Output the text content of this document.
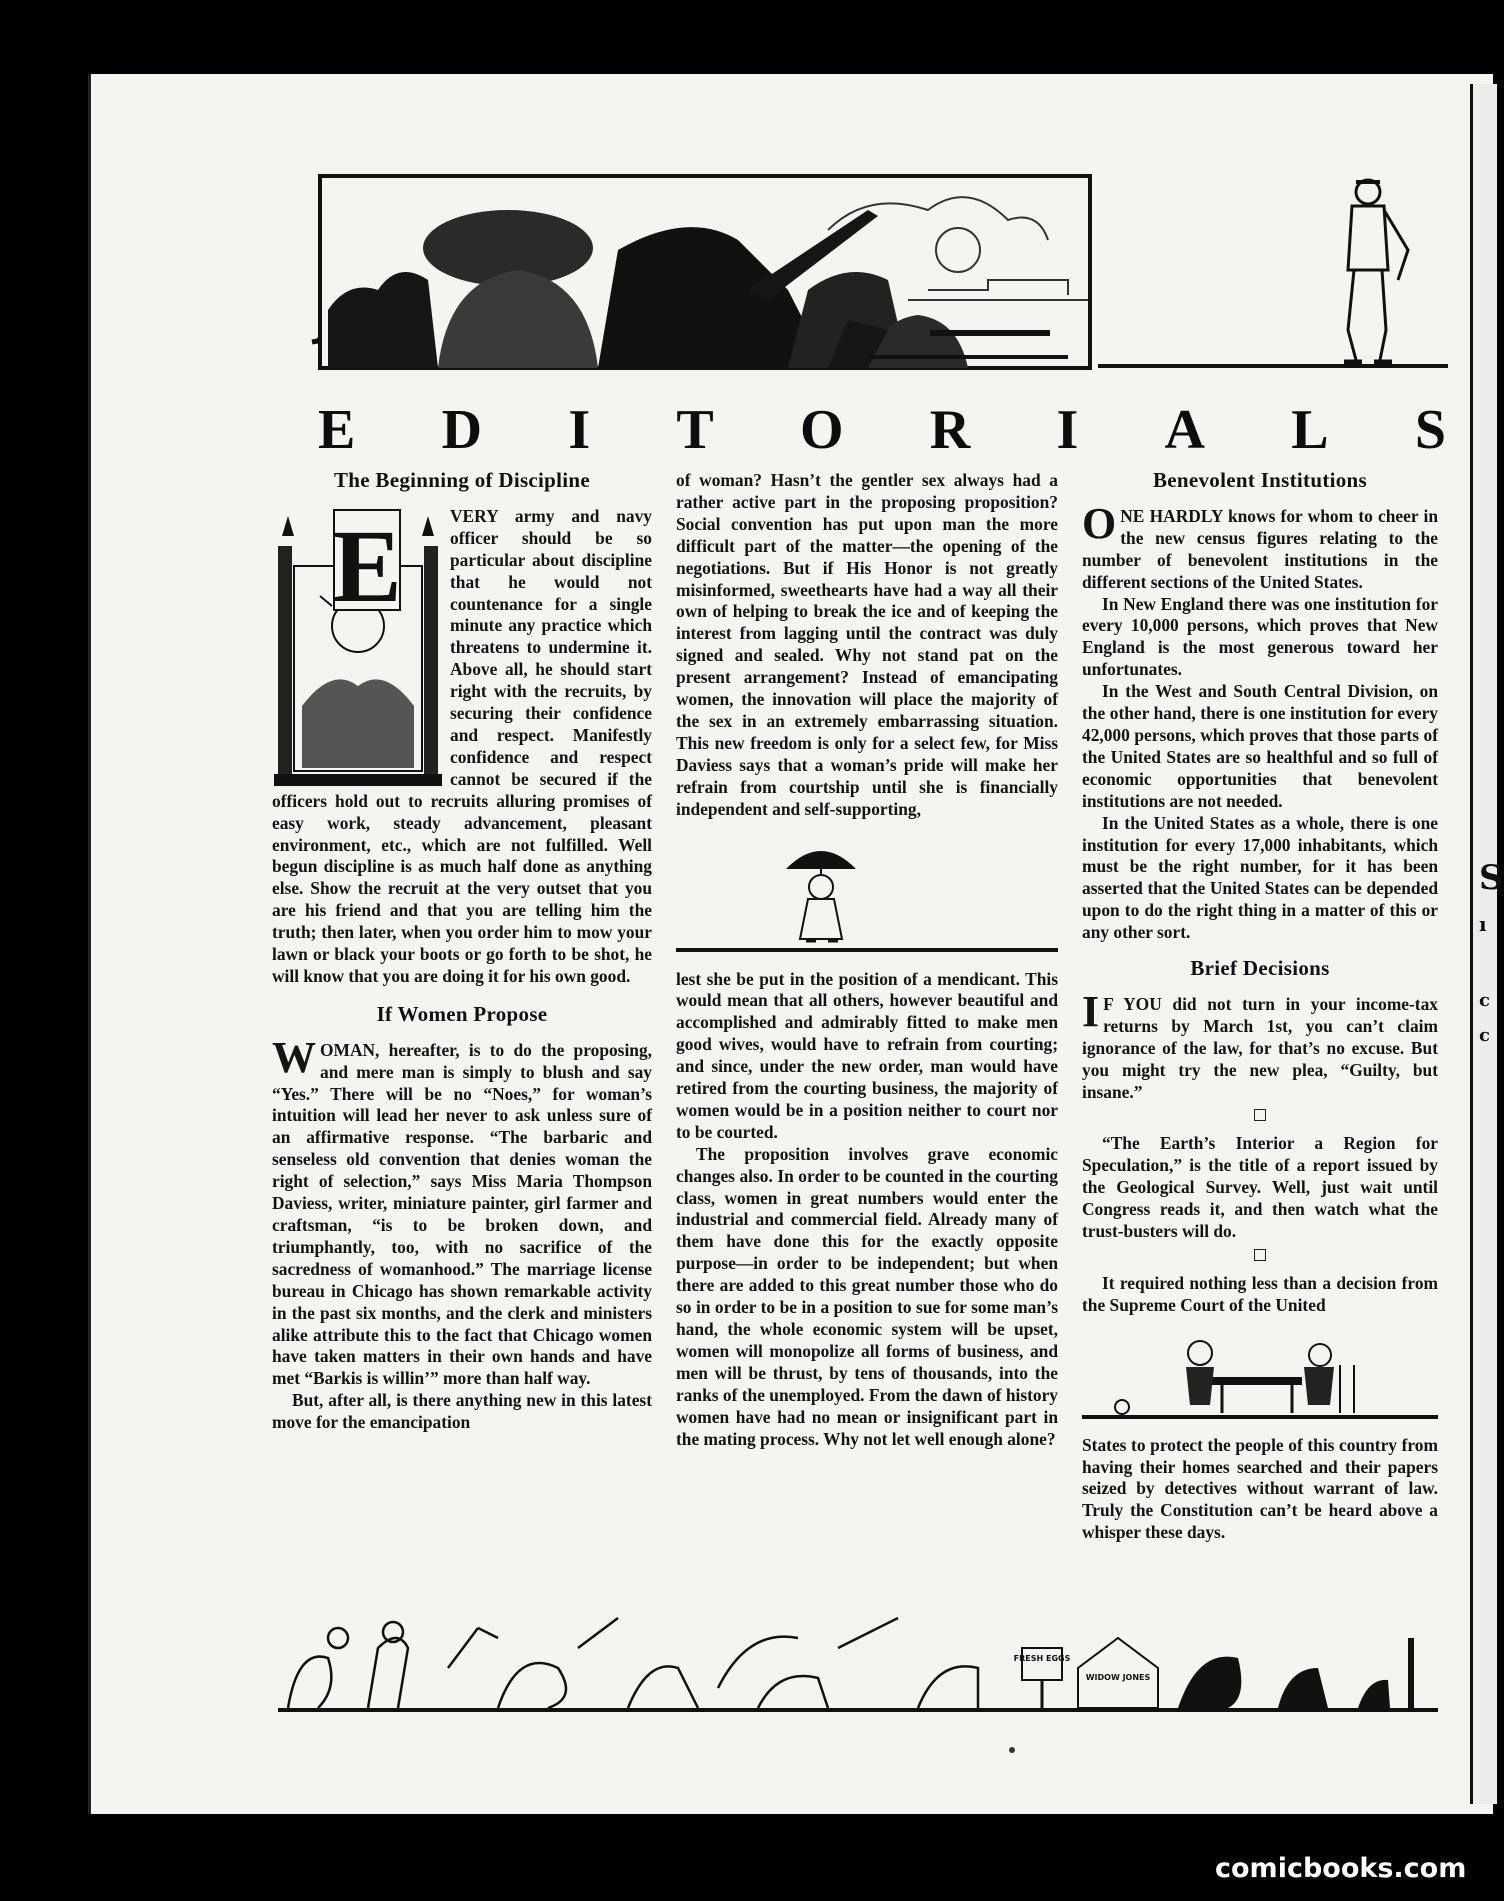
S
ı
c
c
E D I T O R I A L S
The Beginning of Discipline
E	VERY army and navy officer should be so particular about discipline that he would not countenance for a single minute any practice which threatens to undermine it. Above all, he should start right with the recruits, by securing their confidence and respect. Manifestly confidence and respect cannot be secured if the officers hold out to recruits alluring promises of easy work, steady advancement, pleasant environment, etc., which are not fulfilled. Well begun discipline is as much half done as anything else. Show the recruit at the very outset that you are his friend and that you are telling him the truth; then later, when you order him to mow your lawn or black your boots or go forth to be shot, he will know that you are doing it for his own good.

If Women Propose

WOMAN, hereafter, is to do the proposing, and mere man is simply to blush and say “Yes.” There will be no “Noes,” for woman’s intuition will lead her never to ask unless sure of an affirmative response. “The barbaric and senseless old convention that denies woman the right of selection,” says Miss Maria Thompson Daviess, writer, miniature painter, girl farmer and craftsman, “is to be broken down, and triumphantly, too, with no sacrifice of the sacredness of womanhood.” The marriage license bureau in Chicago has shown remarkable activity in the past six months, and the clerk and ministers alike attribute this to the fact that Chicago women have taken matters in their own hands and have met “Barkis is willin’” more than half way.

But, after all, is there anything new in this latest move for the emancipation

of woman? Hasn’t the gentler sex always had a rather active part in the proposing proposition? Social convention has put upon man the more difficult part of the matter—the opening of the negotiations. But if His Honor is not greatly misinformed, sweethearts have had a way all their own of helping to break the ice and of keeping the interest from lagging until the contract was duly signed and sealed. Why not stand pat on the present arrangement? Instead of emancipating women, the innovation will place the majority of the sex in an extremely embarrassing situation. This new freedom is only for a select few, for Miss Daviess says that a woman’s pride will make her refrain from courtship until she is financially independent and self-supporting,

lest she be put in the position of a mendicant. This would mean that all others, however beautiful and accomplished and admirably fitted to make men good wives, would have to refrain from courting; and since, under the new order, man would have retired from the courting business, the majority of women would be in a position neither to court nor to be courted.

The proposition involves grave economic changes also. In order to be counted in the courting class, women in great numbers would enter the industrial and commercial field. Already many of them have done this for the exactly opposite purpose—in order to be independent; but when there are added to this great number those who do so in order to be in a position to sue for some man’s hand, the whole economic system will be upset, women will monopolize all forms of business, and men will be thrust, by tens of thousands, into the ranks of the unemployed. From the dawn of history women have had no mean or insignificant part in the mating process. Why not let well enough alone?

Benevolent Institutions

ONE HARDLY knows for whom to cheer in the new census figures relating to the number of benevolent institutions in the different sections of the United States.

In New England there was one institution for every 10,000 persons, which proves that New England is the most generous toward her unfortunates.

In the West and South Central Division, on the other hand, there is one institution for every 42,000 persons, which proves that those parts of the United States are so healthful and so full of economic opportunities that benevolent institutions are not needed.

In the United States as a whole, there is one institution for every 17,000 inhabitants, which must be the right number, for it has been asserted that the United States can be depended upon to do the right thing in a matter of this or any other sort.

Brief Decisions

I F YOU did not turn in your income-tax returns by March 1st, you can’t claim ignorance of the law, for that’s no excuse. But you might try the new plea, “Guilty, but insane.”

“The Earth’s Interior a Region for Speculation,” is the title of a report issued by the Geological Survey. Well, just wait until Congress reads it, and then watch what the trust-busters will do.

It required nothing less than a decision from the Supreme Court of the United

States to protect the people of this country from having their homes searched and their papers seized by detectives without warrant of law. Truly the Constitution can’t be heard above a whisper these days.

FRESH EGGS
WIDOW JONES
comicbooks.com
